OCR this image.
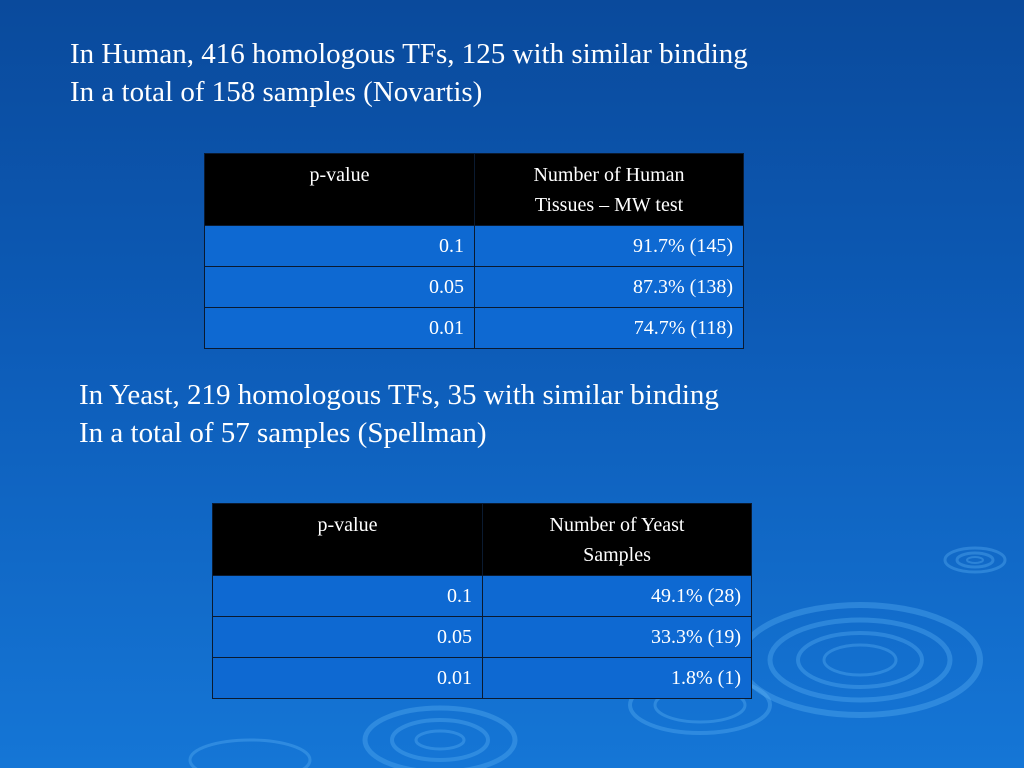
In Human, 416 homologous TFs, 125 with similar binding
In a total of 158 samples (Novartis)
p-value	Number of Human
Tissues – MW test

0.1	91.7% (145)
0.05	87.3% (138)
0.01	74.7% (118)
In Yeast, 219 homologous TFs, 35 with similar binding
In a total of 57 samples (Spellman)
p-value	Number of Yeast
Samples

0.1	49.1% (28)
0.05	33.3% (19)
0.01	1.8% (1)
